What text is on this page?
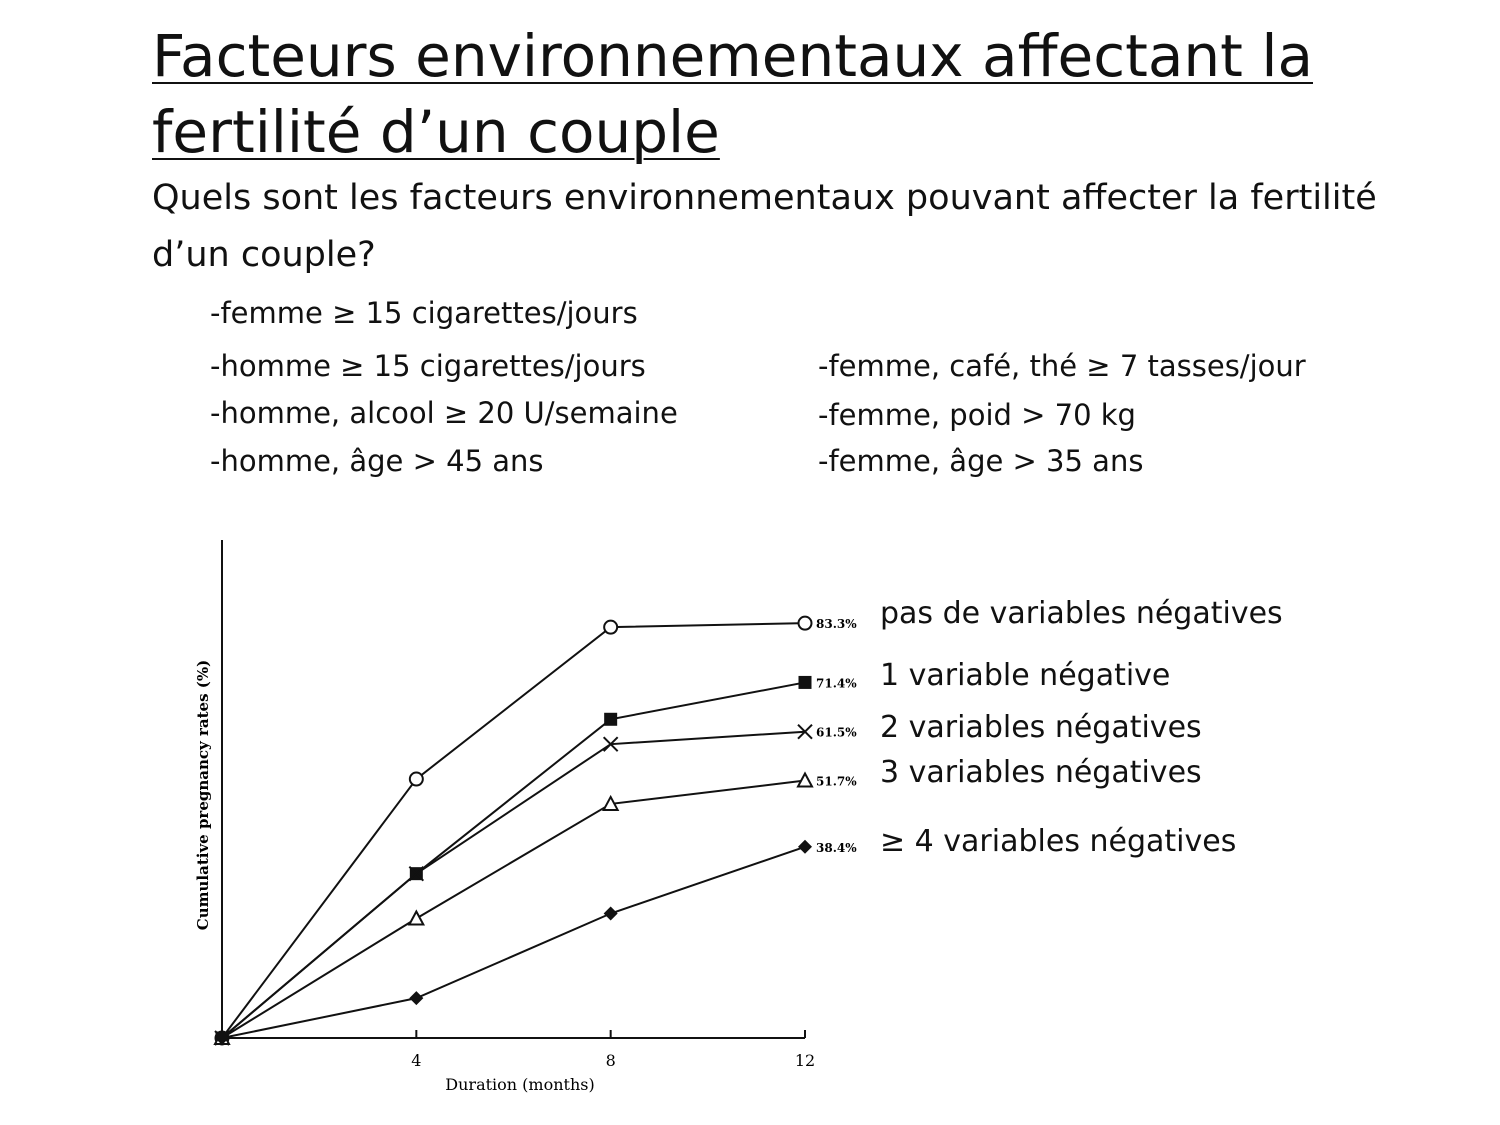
Facteurs environnementaux affectant la fertilité d’un couple

Quels sont les facteurs environnementaux pouvant affecter la fertilité d’un couple?

-femme ≥ 15 cigarettes/jours
-homme ≥ 15 cigarettes/jours
-homme, alcool ≥ 20 U/semaine
-homme, âge > 45 ans
-femme, café, thé ≥ 7 tasses/jour
-femme, poid > 70 kg
-femme, âge > 35 ans
Cumulative pregnancy rates (%)
Duration (months)
4	8	12
83.3%
71.4%
61.5%
51.7%
38.4%
pas de variables négatives
1 variable négative
2 variables négatives
3 variables négatives
≥ 4 variables négatives
